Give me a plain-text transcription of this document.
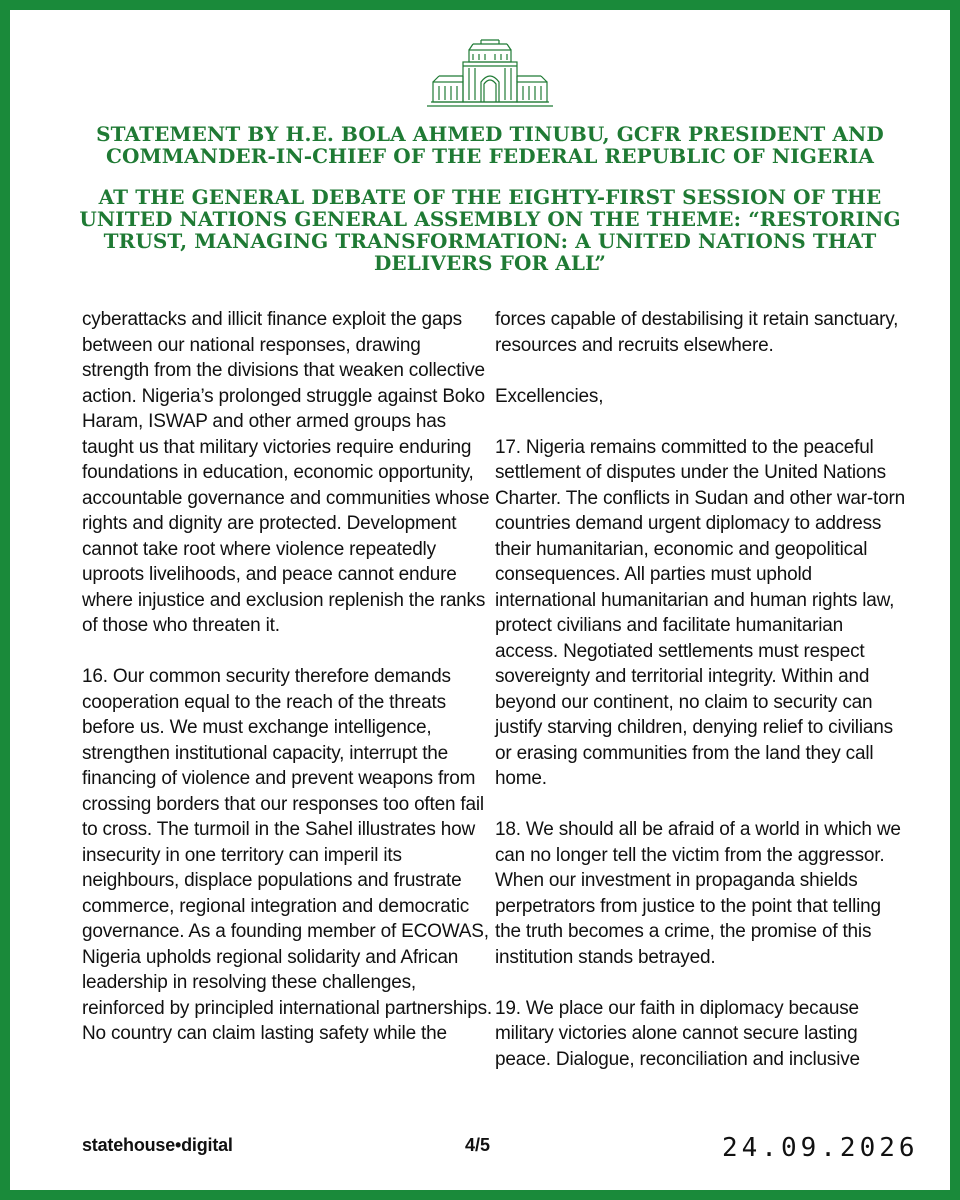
STATEMENT BY H.E. BOLA AHMED TINUBU, GCFR PRESIDENT AND COMMANDER-IN-CHIEF OF THE FEDERAL REPUBLIC OF NIGERIA
AT THE GENERAL DEBATE OF THE EIGHTY-FIRST SESSION OF THE UNITED NATIONS GENERAL ASSEMBLY ON THE THEME: “RESTORING TRUST, MANAGING TRANSFORMATION: A UNITED NATIONS THAT DELIVERS FOR ALL”

cyberattacks and illicit finance exploit the gaps between our national responses, drawing strength from the divisions that weaken collective action. Nigeria’s prolonged struggle against Boko Haram, ISWAP and other armed groups has taught us that military victories require enduring foundations in education, economic opportunity, accountable governance and communities whose rights and dignity are protected. Development cannot take root where violence repeatedly uproots livelihoods, and peace cannot endure where injustice and exclusion replenish the ranks of those who threaten it.

16. Our common security therefore demands cooperation equal to the reach of the threats before us. We must exchange intelligence, strengthen institutional capacity, interrupt the financing of violence and prevent weapons from crossing borders that our responses too often fail to cross. The turmoil in the Sahel illustrates how insecurity in one territory can imperil its neighbours, displace populations and frustrate commerce, regional integration and democratic governance. As a founding member of ECOWAS, Nigeria upholds regional solidarity and African leadership in resolving these challenges, reinforced by principled international partnerships. No country can claim lasting safety while the

forces capable of destabilising it retain sanctuary, resources and recruits elsewhere.

Excellencies,

17. Nigeria remains committed to the peaceful settlement of disputes under the United Nations Charter. The conflicts in Sudan and other war-torn countries demand urgent diplomacy to address their humanitarian, economic and geopolitical consequences. All parties must uphold international humanitarian and human rights law, protect civilians and facilitate humanitarian access. Negotiated settlements must respect sovereignty and territorial integrity. Within and beyond our continent, no claim to security can justify starving children, denying relief to civilians or erasing communities from the land they call home.

18. We should all be afraid of a world in which we can no longer tell the victim from the aggressor. When our investment in propaganda shields perpetrators from justice to the point that telling the truth becomes a crime, the promise of this institution stands betrayed.

19. We place our faith in diplomacy because military victories alone cannot secure lasting peace. Dialogue, reconciliation and inclusive

statehouse•digital	4/5	24.09.2026
